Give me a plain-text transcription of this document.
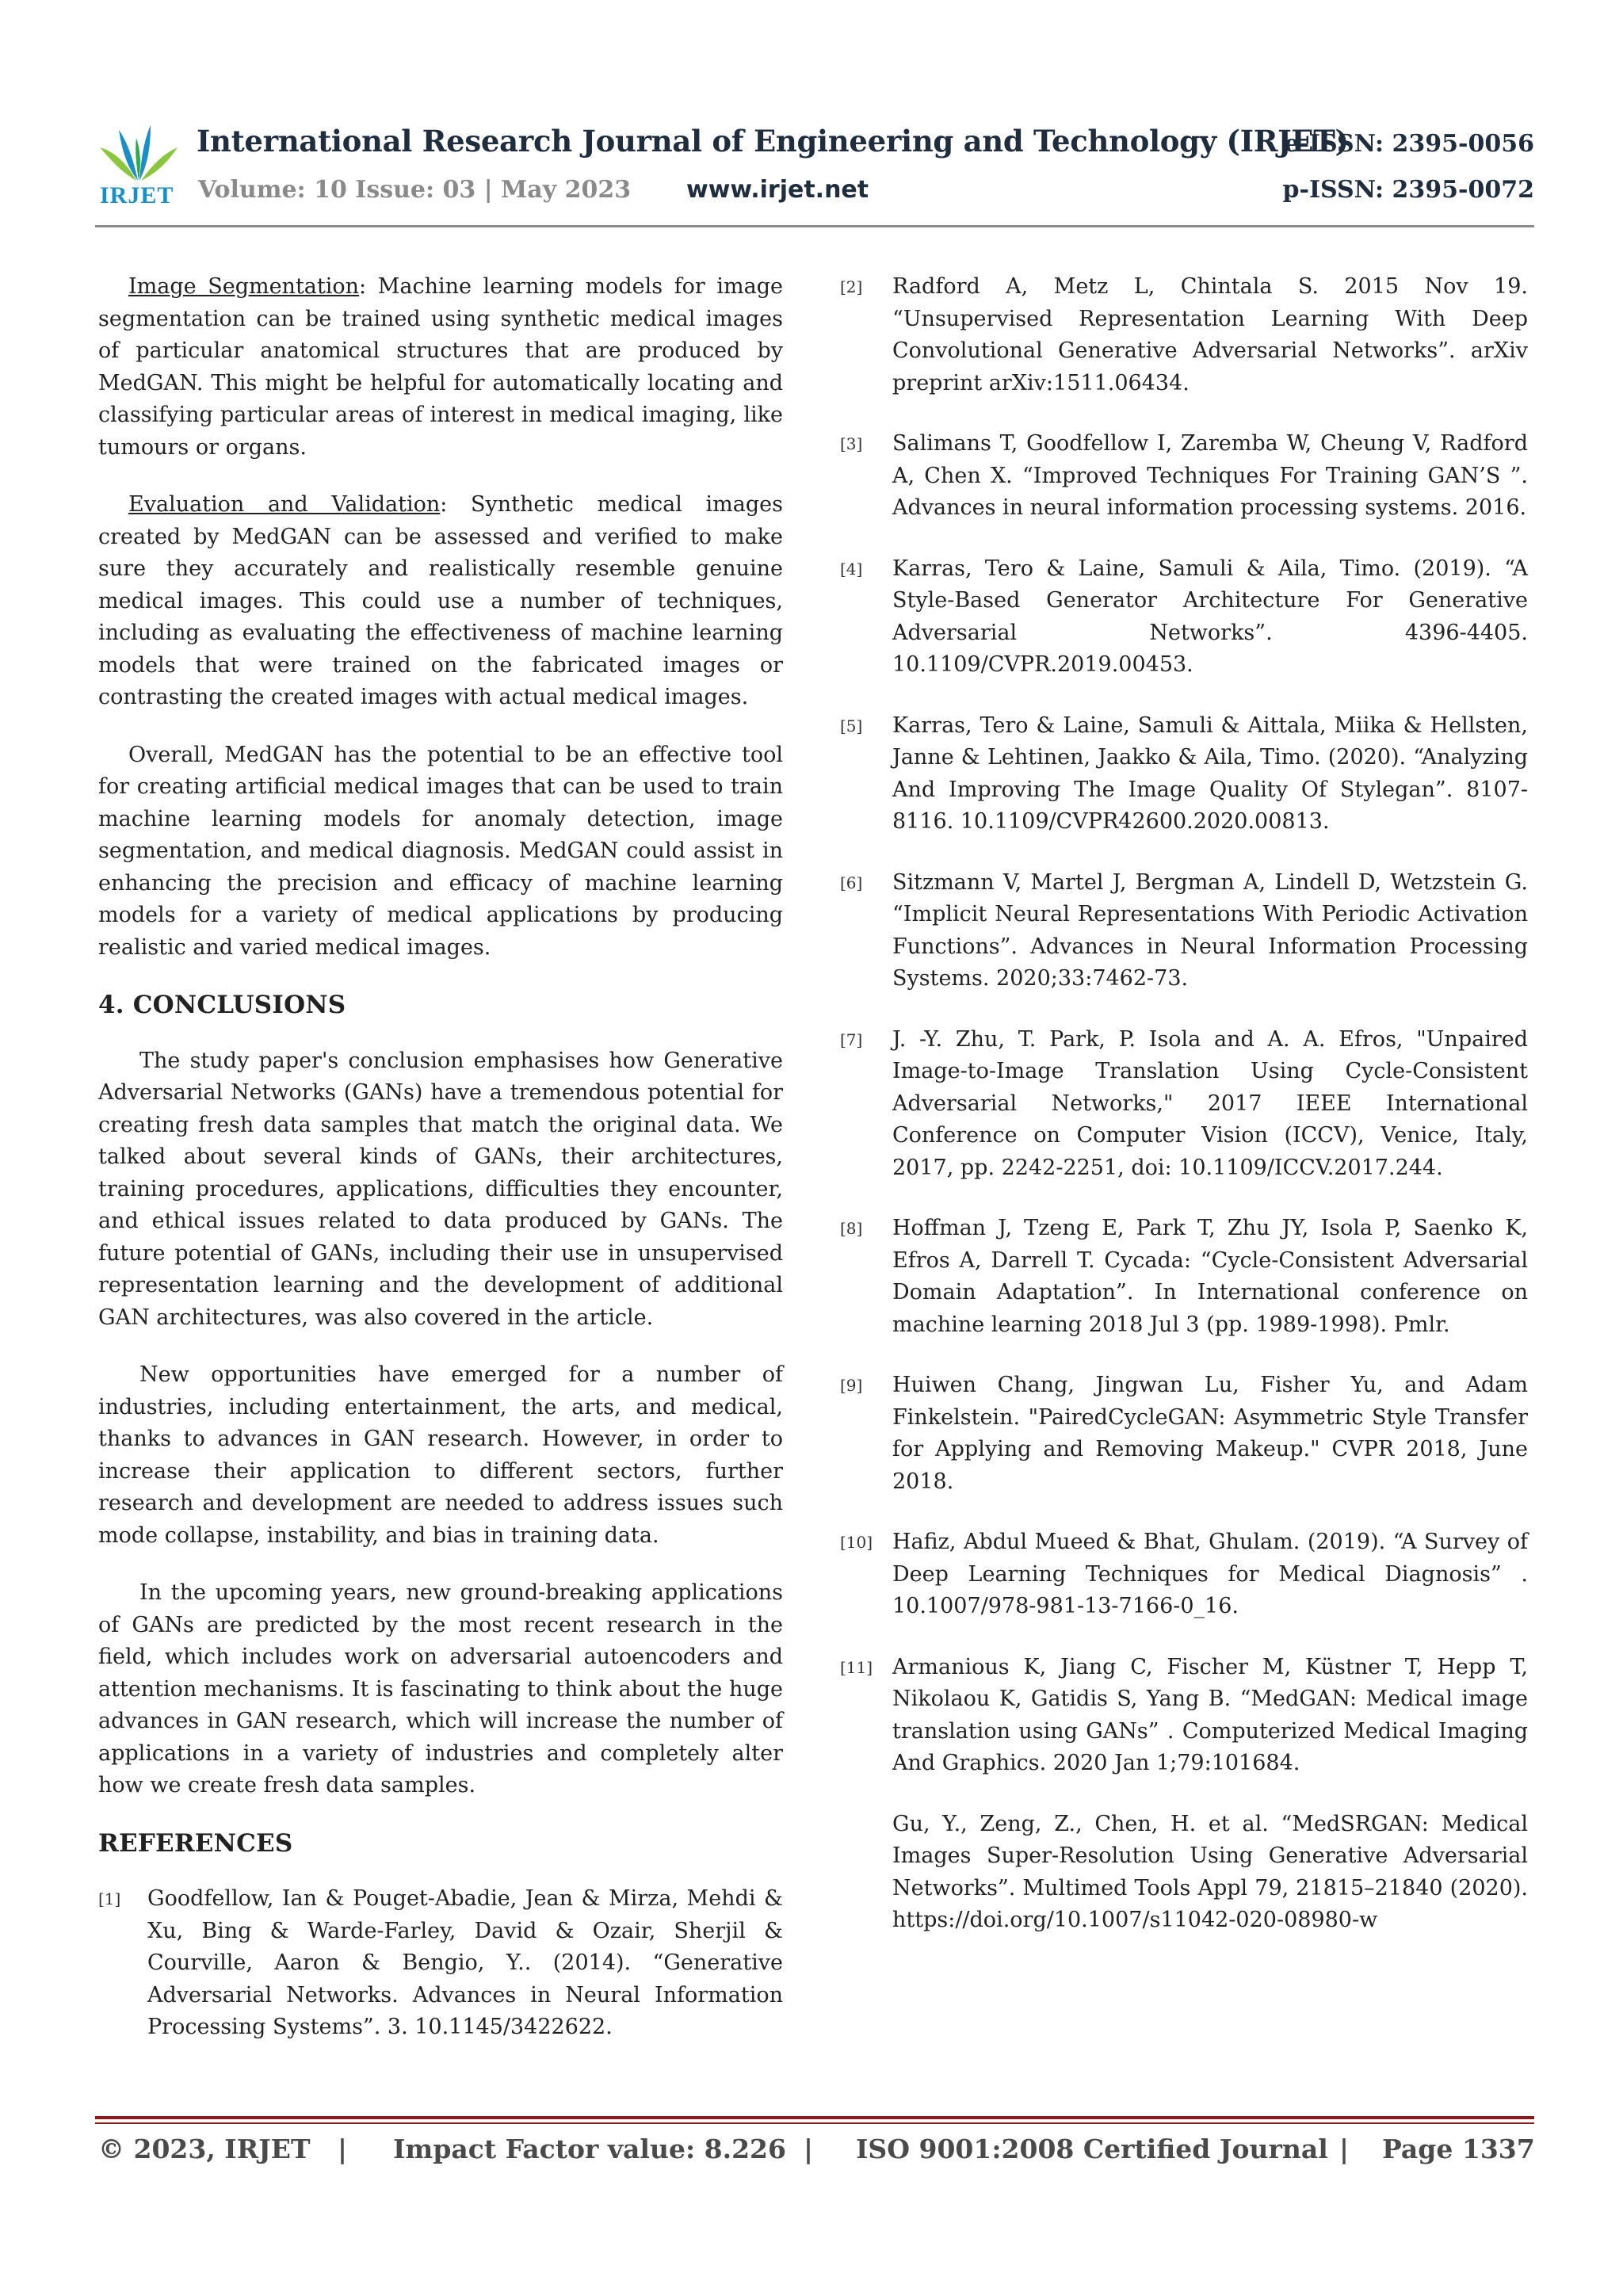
IRJET
International Research Journal of Engineering and Technology (IRJET)
e-ISSN: 2395-0056
Volume: 10 Issue: 03 | May 2023 www.irjet.net	p-ISSN: 2395-0072

Image Segmentation: Machine learning models for image segmentation can be trained using synthetic medical images of particular anatomical structures that are produced by MedGAN. This might be helpful for automatically locating and classifying particular areas of interest in medical imaging, like tumours or organs.

Evaluation and Validation: Synthetic medical images created by MedGAN can be assessed and verified to make sure they accurately and realistically resemble genuine medical images. This could use a number of techniques, including as evaluating the effectiveness of machine learning models that were trained on the fabricated images or contrasting the created images with actual medical images.

Overall, MedGAN has the potential to be an effective tool for creating artificial medical images that can be used to train machine learning models for anomaly detection, image segmentation, and medical diagnosis. MedGAN could assist in enhancing the precision and efficacy of machine learning models for a variety of medical applications by producing realistic and varied medical images.

4. CONCLUSIONS

The study paper's conclusion emphasises how Generative Adversarial Networks (GANs) have a tremendous potential for creating fresh data samples that match the original data. We talked about several kinds of GANs, their architectures, training procedures, applications, difficulties they encounter, and ethical issues related to data produced by GANs. The future potential of GANs, including their use in unsupervised representation learning and the development of additional GAN architectures, was also covered in the article.

New opportunities have emerged for a number of industries, including entertainment, the arts, and medical, thanks to advances in GAN research. However, in order to increase their application to different sectors, further research and development are needed to address issues such mode collapse, instability, and bias in training data.

In the upcoming years, new ground-breaking applications of GANs are predicted by the most recent research in the field, which includes work on adversarial autoencoders and attention mechanisms. It is fascinating to think about the huge advances in GAN research, which will increase the number of applications in a variety of industries and completely alter how we create fresh data samples.

REFERENCES
[1] Goodfellow, Ian & Pouget-Abadie, Jean & Mirza, Mehdi & Xu, Bing & Warde-Farley, David & Ozair, Sherjil & Courville, Aaron & Bengio, Y.. (2014). “Generative Adversarial Networks. Advances in Neural Information Processing Systems”. 3. 10.1145/3422622.
[2] Radford A, Metz L, Chintala S. 2015 Nov 19. “Unsupervised Representation Learning With Deep Convolutional Generative Adversarial Networks”. arXiv preprint arXiv:1511.06434.
[3] Salimans T, Goodfellow I, Zaremba W, Cheung V, Radford A, Chen X. “Improved Techniques For Training GAN’S ”. Advances in neural information processing systems. 2016.
[4] Karras, Tero & Laine, Samuli & Aila, Timo. (2019). “A Style-Based Generator Architecture For Generative Adversarial Networks”. 4396-4405. 10.1109/CVPR.2019.00453.
[5] Karras, Tero & Laine, Samuli & Aittala, Miika & Hellsten, Janne & Lehtinen, Jaakko & Aila, Timo. (2020). “Analyzing And Improving The Image Quality Of Stylegan”. 8107-8116. 10.1109/CVPR42600.2020.00813.
[6] Sitzmann V, Martel J, Bergman A, Lindell D, Wetzstein G. “Implicit Neural Representations With Periodic Activation Functions”. Advances in Neural Information Processing Systems. 2020;33:7462-73.
[7] J. -Y. Zhu, T. Park, P. Isola and A. A. Efros, "Unpaired Image-to-Image Translation Using Cycle-Consistent Adversarial Networks," 2017 IEEE International Conference on Computer Vision (ICCV), Venice, Italy, 2017, pp. 2242-2251, doi: 10.1109/ICCV.2017.244.
[8] Hoffman J, Tzeng E, Park T, Zhu JY, Isola P, Saenko K, Efros A, Darrell T. Cycada: “Cycle-Consistent Adversarial Domain Adaptation”. In International conference on machine learning 2018 Jul 3 (pp. 1989-1998). Pmlr.
[9] Huiwen Chang, Jingwan Lu, Fisher Yu, and Adam Finkelstein. "PairedCycleGAN: Asymmetric Style Transfer for Applying and Removing Makeup." CVPR 2018, June 2018.
[10] Hafiz, Abdul Mueed & Bhat, Ghulam. (2019). “A Survey of Deep Learning Techniques for Medical Diagnosis” . 10.1007/978-981-13-7166-0_16.
[11] Armanious K, Jiang C, Fischer M, Küstner T, Hepp T, Nikolaou K, Gatidis S, Yang B. “MedGAN: Medical image translation using GANs” . Computerized Medical Imaging And Graphics. 2020 Jan 1;79:101684.
Gu, Y., Zeng, Z., Chen, H. et al. “MedSRGAN: Medical Images Super-Resolution Using Generative Adversarial Networks”. Multimed Tools Appl 79, 21815–21840 (2020). https://doi.org/10.1007/s11042-020-08980-w
© 2023, IRJET | Impact Factor value: 8.226 | ISO 9001:2008 Certified Journal | Page 1337
